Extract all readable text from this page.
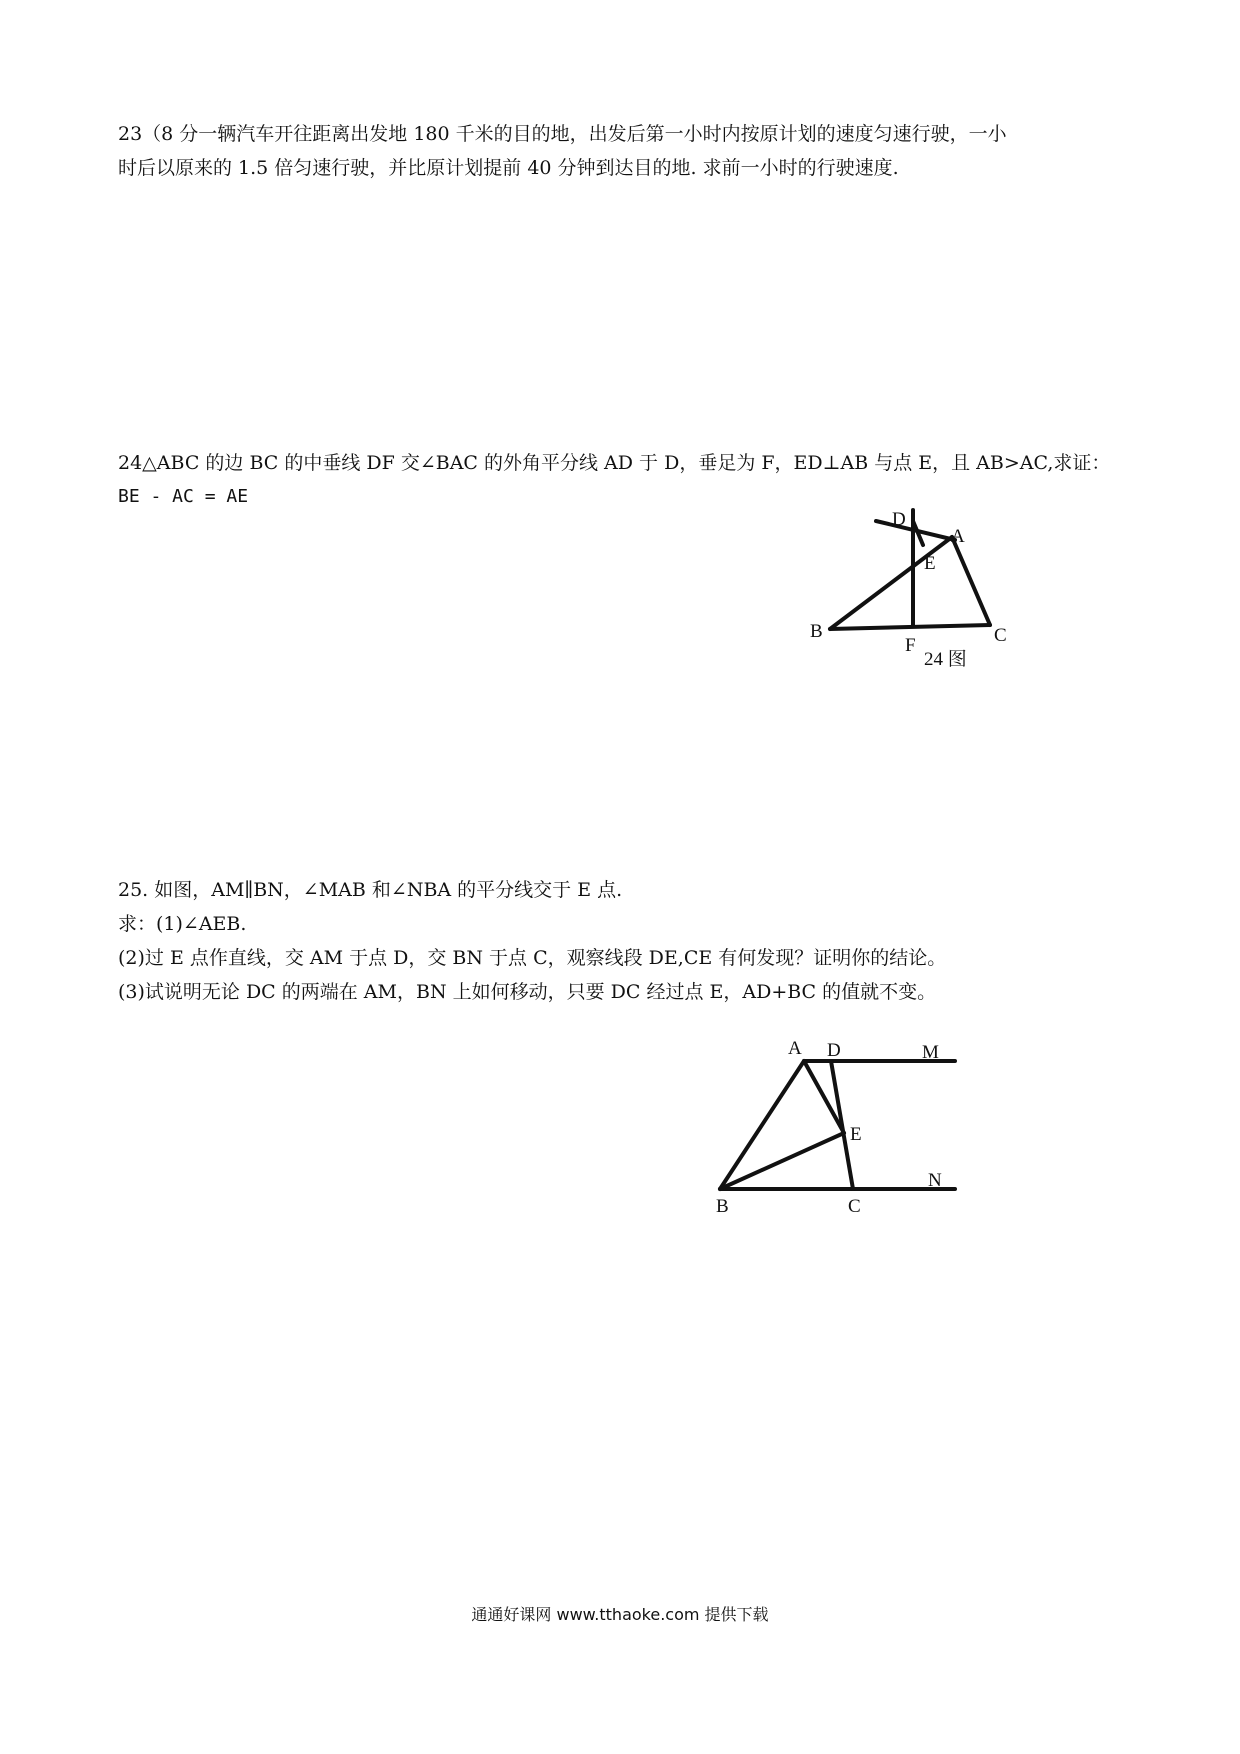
23（8 分一辆汽车开往距离出发地 180 千米的目的地，出发后第一小时内按原计划的速度匀速行驶，一小

时后以原来的 1.5 倍匀速行驶，并比原计划提前 40 分钟到达目的地. 求前一小时的行驶速度.

24△ABC 的边 BC 的中垂线 DF 交∠BAC 的外角平分线 AD 于 D，垂足为 F，ED⊥AB 与点 E，且 AB>AC,求证：

BE - AC = AE

D
A
E
B
F	C
24 图

25. 如图，AM∥BN，∠MAB 和∠NBA 的平分线交于 E 点.

求：(1)∠AEB.

(2)过 E 点作直线，交 AM 于点 D，交 BN 于点 C，观察线段 DE,CE 有何发现？证明你的结论。

(3)试说明无论 DC 的两端在 AM，BN 上如何移动，只要 DC 经过点 E，AD+BC 的值就不变。

A D	M
E
N
B	C
通通好课网 www.tthaoke.com 提供下载
